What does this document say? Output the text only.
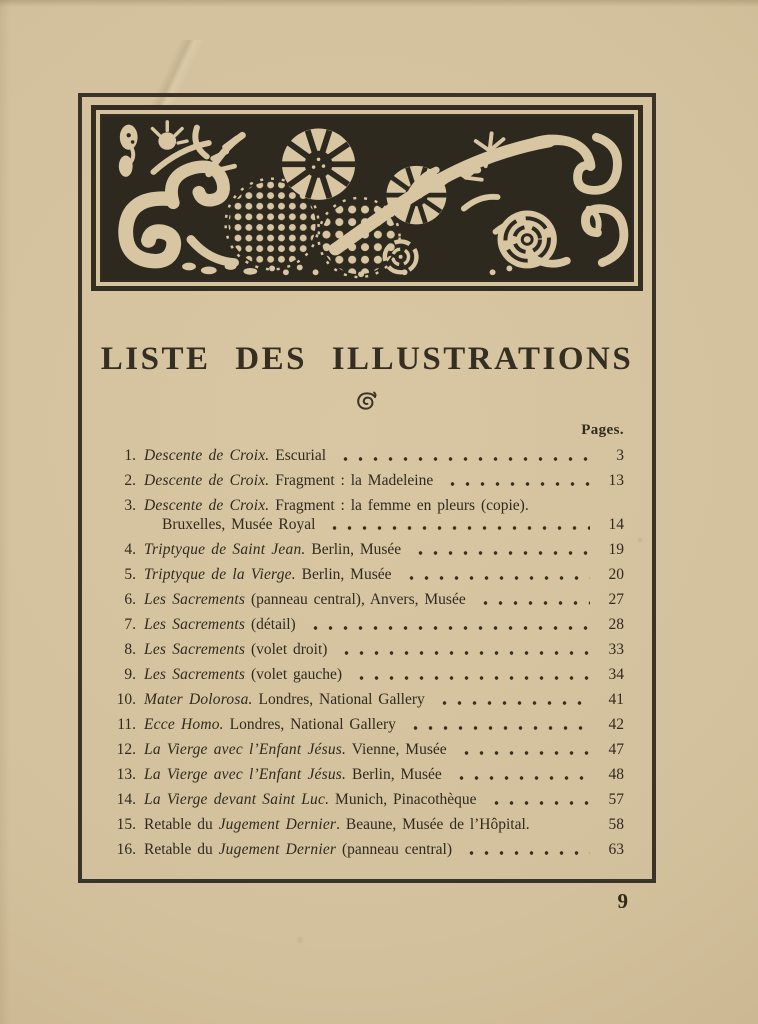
LISTE DES ILLUSTRATIONS
Pages.
1. Descente de Croix. Escurial	3
2. Descente de Croix. Fragment : la Madeleine	13
3. Descente de Croix. Fragment : la femme en pleurs (copie).
Bruxelles, Musée Royal	14
4. Triptyque de Saint Jean. Berlin, Musée	19
5. Triptyque de la Vierge. Berlin, Musée	20
6. Les Sacrements (panneau central), Anvers, Musée	27
7. Les Sacrements (détail)	28
8. Les Sacrements (volet droit)	33
9. Les Sacrements (volet gauche)	34
10. Mater Dolorosa. Londres, National Gallery	41
11. Ecce Homo. Londres, National Gallery	42
12. La Vierge avec l’Enfant Jésus. Vienne, Musée	47
13. La Vierge avec l’Enfant Jésus. Berlin, Musée	48
14. La Vierge devant Saint Luc. Munich, Pinacothèque	57
15. Retable du Jugement Dernier. Beaune, Musée de l’Hôpital.	58
16. Retable du Jugement Dernier (panneau central)	63
9
